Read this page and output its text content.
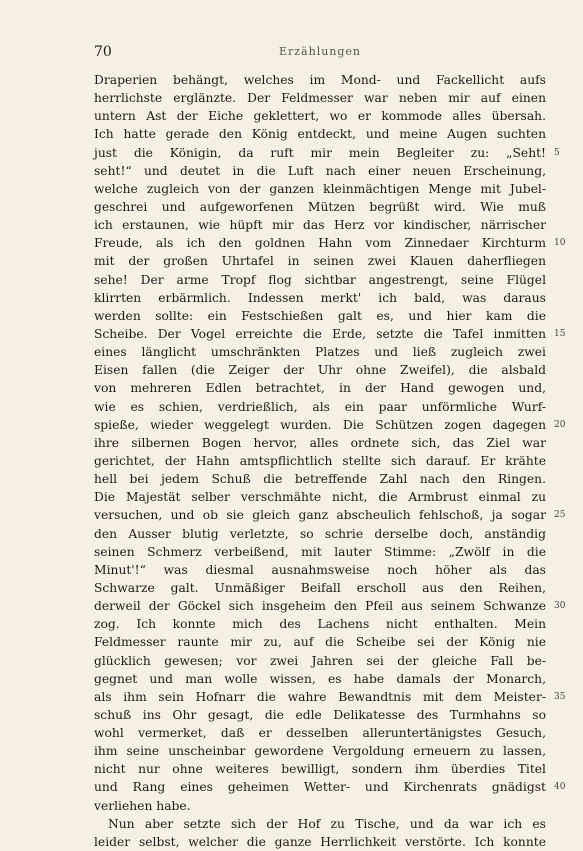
70	Erzählungen
Draperien behängt, welches im Mond- und Fackellicht aufs
herrlichste erglänzte. Der Feldmesser war neben mir auf einen
untern Ast der Eiche geklettert, wo er kommode alles übersah.
Ich hatte gerade den König entdeckt, und meine Augen suchten
just die Königin, da ruft mir mein Begleiter zu: „Seht! 5
seht!“ und deutet in die Luft nach einer neuen Erscheinung,
welche zugleich von der ganzen kleinmächtigen Menge mit Jubel-
geschrei und aufgeworfenen Mützen begrüßt wird. Wie muß
ich erstaunen, wie hüpft mir das Herz vor kindischer, närrischer
Freude, als ich den goldnen Hahn vom Zinnedaer Kirchturm 10
mit der großen Uhrtafel in seinen zwei Klauen daherfliegen
sehe! Der arme Tropf flog sichtbar angestrengt, seine Flügel
klirrten erbärmlich. Indessen merkt' ich bald, was daraus
werden sollte: ein Festschießen galt es, und hier kam die
Scheibe. Der Vogel erreichte die Erde, setzte die Tafel inmitten 15
eines länglicht umschränkten Platzes und ließ zugleich zwei
Eisen fallen (die Zeiger der Uhr ohne Zweifel), die alsbald
von mehreren Edlen betrachtet, in der Hand gewogen und,
wie es schien, verdrießlich, als ein paar unförmliche Wurf-
spieße, wieder weggelegt wurden. Die Schützen zogen dagegen 20
ihre silbernen Bogen hervor, alles ordnete sich, das Ziel war
gerichtet, der Hahn amtspflichtlich stellte sich darauf. Er krähte
hell bei jedem Schuß die betreffende Zahl nach den Ringen.
Die Majestät selber verschmähte nicht, die Armbrust einmal zu
versuchen, und ob sie gleich ganz abscheulich fehlschoß, ja sogar 25
den Ausser blutig verletzte, so schrie derselbe doch, anständig
seinen Schmerz verbeißend, mit lauter Stimme: „Zwölf in die
Minut'!“ was diesmal ausnahmsweise noch höher als das
Schwarze galt. Unmäßiger Beifall erscholl aus den Reihen,
derweil der Göckel sich insgeheim den Pfeil aus seinem Schwanze 30
zog. Ich konnte mich des Lachens nicht enthalten. Mein
Feldmesser raunte mir zu, auf die Scheibe sei der König nie
glücklich gewesen; vor zwei Jahren sei der gleiche Fall be-
gegnet und man wolle wissen, es habe damals der Monarch,
als ihm sein Hofnarr die wahre Bewandtnis mit dem Meister- 35
schuß ins Ohr gesagt, die edle Delikatesse des Turmhahns so
wohl vermerket, daß er desselben alleruntertänigstes Gesuch,
ihm seine unscheinbar gewordene Vergoldung erneuern zu lassen,
nicht nur ohne weiteres bewilligt, sondern ihm überdies Titel
und Rang eines geheimen Wetter- und Kirchenrats gnädigst 40
verliehen habe.
Nun aber setzte sich der Hof zu Tische, und da war ich es
leider selbst, welcher die ganze Herrlichkeit verstörte. Ich konnte
